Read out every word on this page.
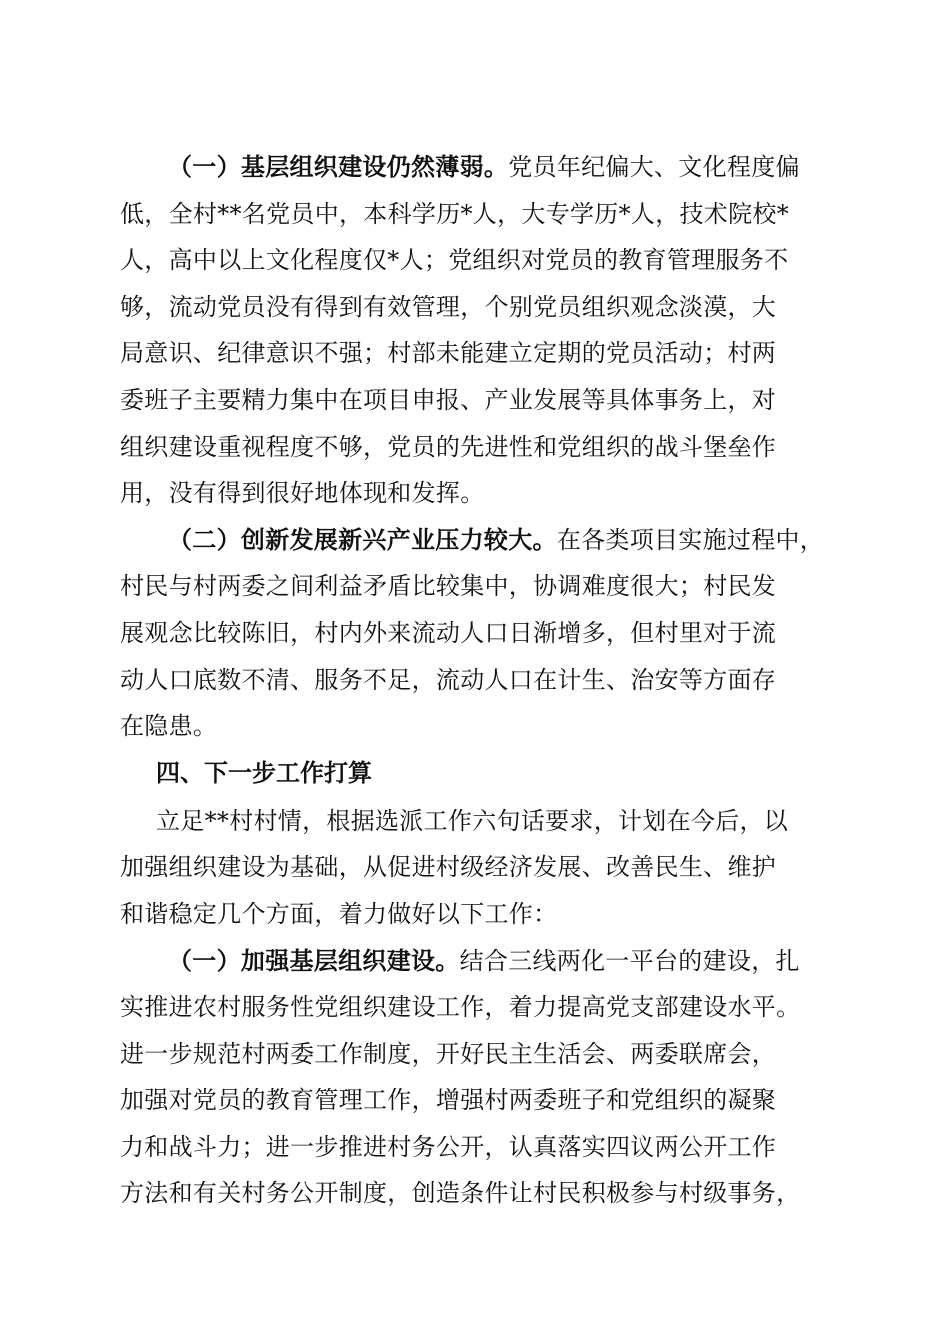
（一）基层组织建设仍然薄弱。党员年纪偏大、文化程度偏
低，全村**名党员中，本科学历*人，大专学历*人，技术院校*
人，高中以上文化程度仅*人；党组织对党员的教育管理服务不
够，流动党员没有得到有效管理，个别党员组织观念淡漠，大
局意识、纪律意识不强；村部未能建立定期的党员活动；村两
委班子主要精力集中在项目申报、产业发展等具体事务上，对
组织建设重视程度不够，党员的先进性和党组织的战斗堡垒作
用，没有得到很好地体现和发挥。
（二）创新发展新兴产业压力较大。在各类项目实施过程中，
村民与村两委之间利益矛盾比较集中，协调难度很大；村民发
展观念比较陈旧，村内外来流动人口日渐增多，但村里对于流
动人口底数不清、服务不足，流动人口在计生、治安等方面存
在隐患。
四、下一步工作打算
立足**村村情，根据选派工作六句话要求，计划在今后，以
加强组织建设为基础，从促进村级经济发展、改善民生、维护
和谐稳定几个方面，着力做好以下工作：
（一）加强基层组织建设。结合三线两化一平台的建设，扎
实推进农村服务性党组织建设工作，着力提高党支部建设水平。
进一步规范村两委工作制度，开好民主生活会、两委联席会，
加强对党员的教育管理工作，增强村两委班子和党组织的凝聚
力和战斗力；进一步推进村务公开，认真落实四议两公开工作
方法和有关村务公开制度，创造条件让村民积极参与村级事务，
